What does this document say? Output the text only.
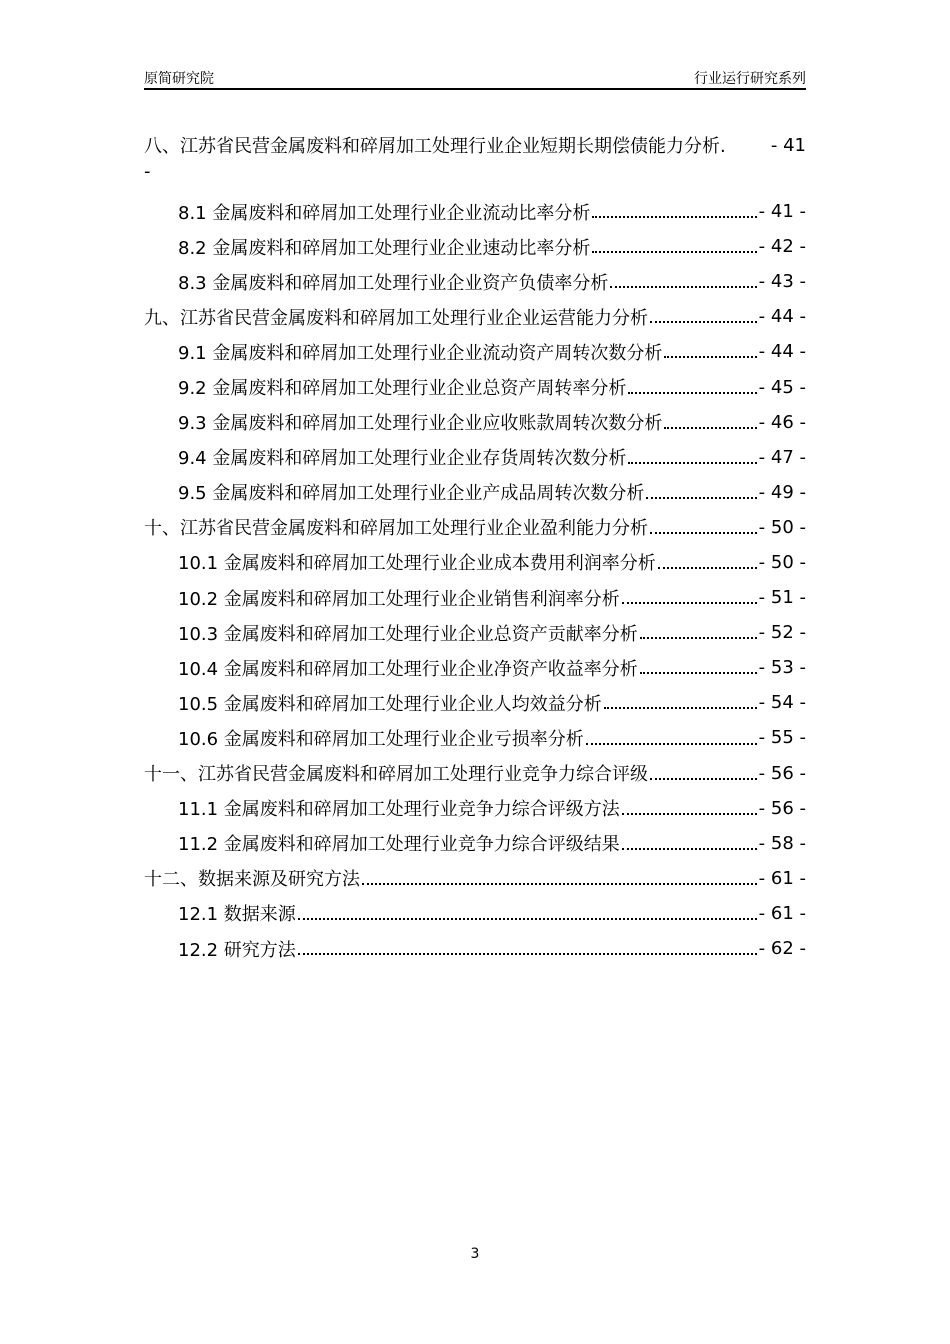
原简研究院	行业运行研究系列
八、江苏省民营金属废料和碎屑加工处理行业企业短期长期偿债能力分析.	- 41
-
8.1 金属废料和碎屑加工处理行业企业流动比率分析	- 41 -
8.2 金属废料和碎屑加工处理行业企业速动比率分析	- 42 -
8.3 金属废料和碎屑加工处理行业企业资产负债率分析	- 43 -
九、江苏省民营金属废料和碎屑加工处理行业企业运营能力分析	- 44 -
9.1 金属废料和碎屑加工处理行业企业流动资产周转次数分析	- 44 -
9.2 金属废料和碎屑加工处理行业企业总资产周转率分析	- 45 -
9.3 金属废料和碎屑加工处理行业企业应收账款周转次数分析	- 46 -
9.4 金属废料和碎屑加工处理行业企业存货周转次数分析	- 47 -
9.5 金属废料和碎屑加工处理行业企业产成品周转次数分析	- 49 -
十、江苏省民营金属废料和碎屑加工处理行业企业盈利能力分析	- 50 -
10.1 金属废料和碎屑加工处理行业企业成本费用利润率分析	- 50 -
10.2 金属废料和碎屑加工处理行业企业销售利润率分析	- 51 -
10.3 金属废料和碎屑加工处理行业企业总资产贡献率分析	- 52 -
10.4 金属废料和碎屑加工处理行业企业净资产收益率分析	- 53 -
10.5 金属废料和碎屑加工处理行业企业人均效益分析	- 54 -
10.6 金属废料和碎屑加工处理行业企业亏损率分析	- 55 -
十一、江苏省民营金属废料和碎屑加工处理行业竞争力综合评级	- 56 -
11.1 金属废料和碎屑加工处理行业竞争力综合评级方法	- 56 -
11.2 金属废料和碎屑加工处理行业竞争力综合评级结果	- 58 -
十二、数据来源及研究方法	- 61 -
12.1 数据来源	- 61 -
12.2 研究方法	- 62 -
3
